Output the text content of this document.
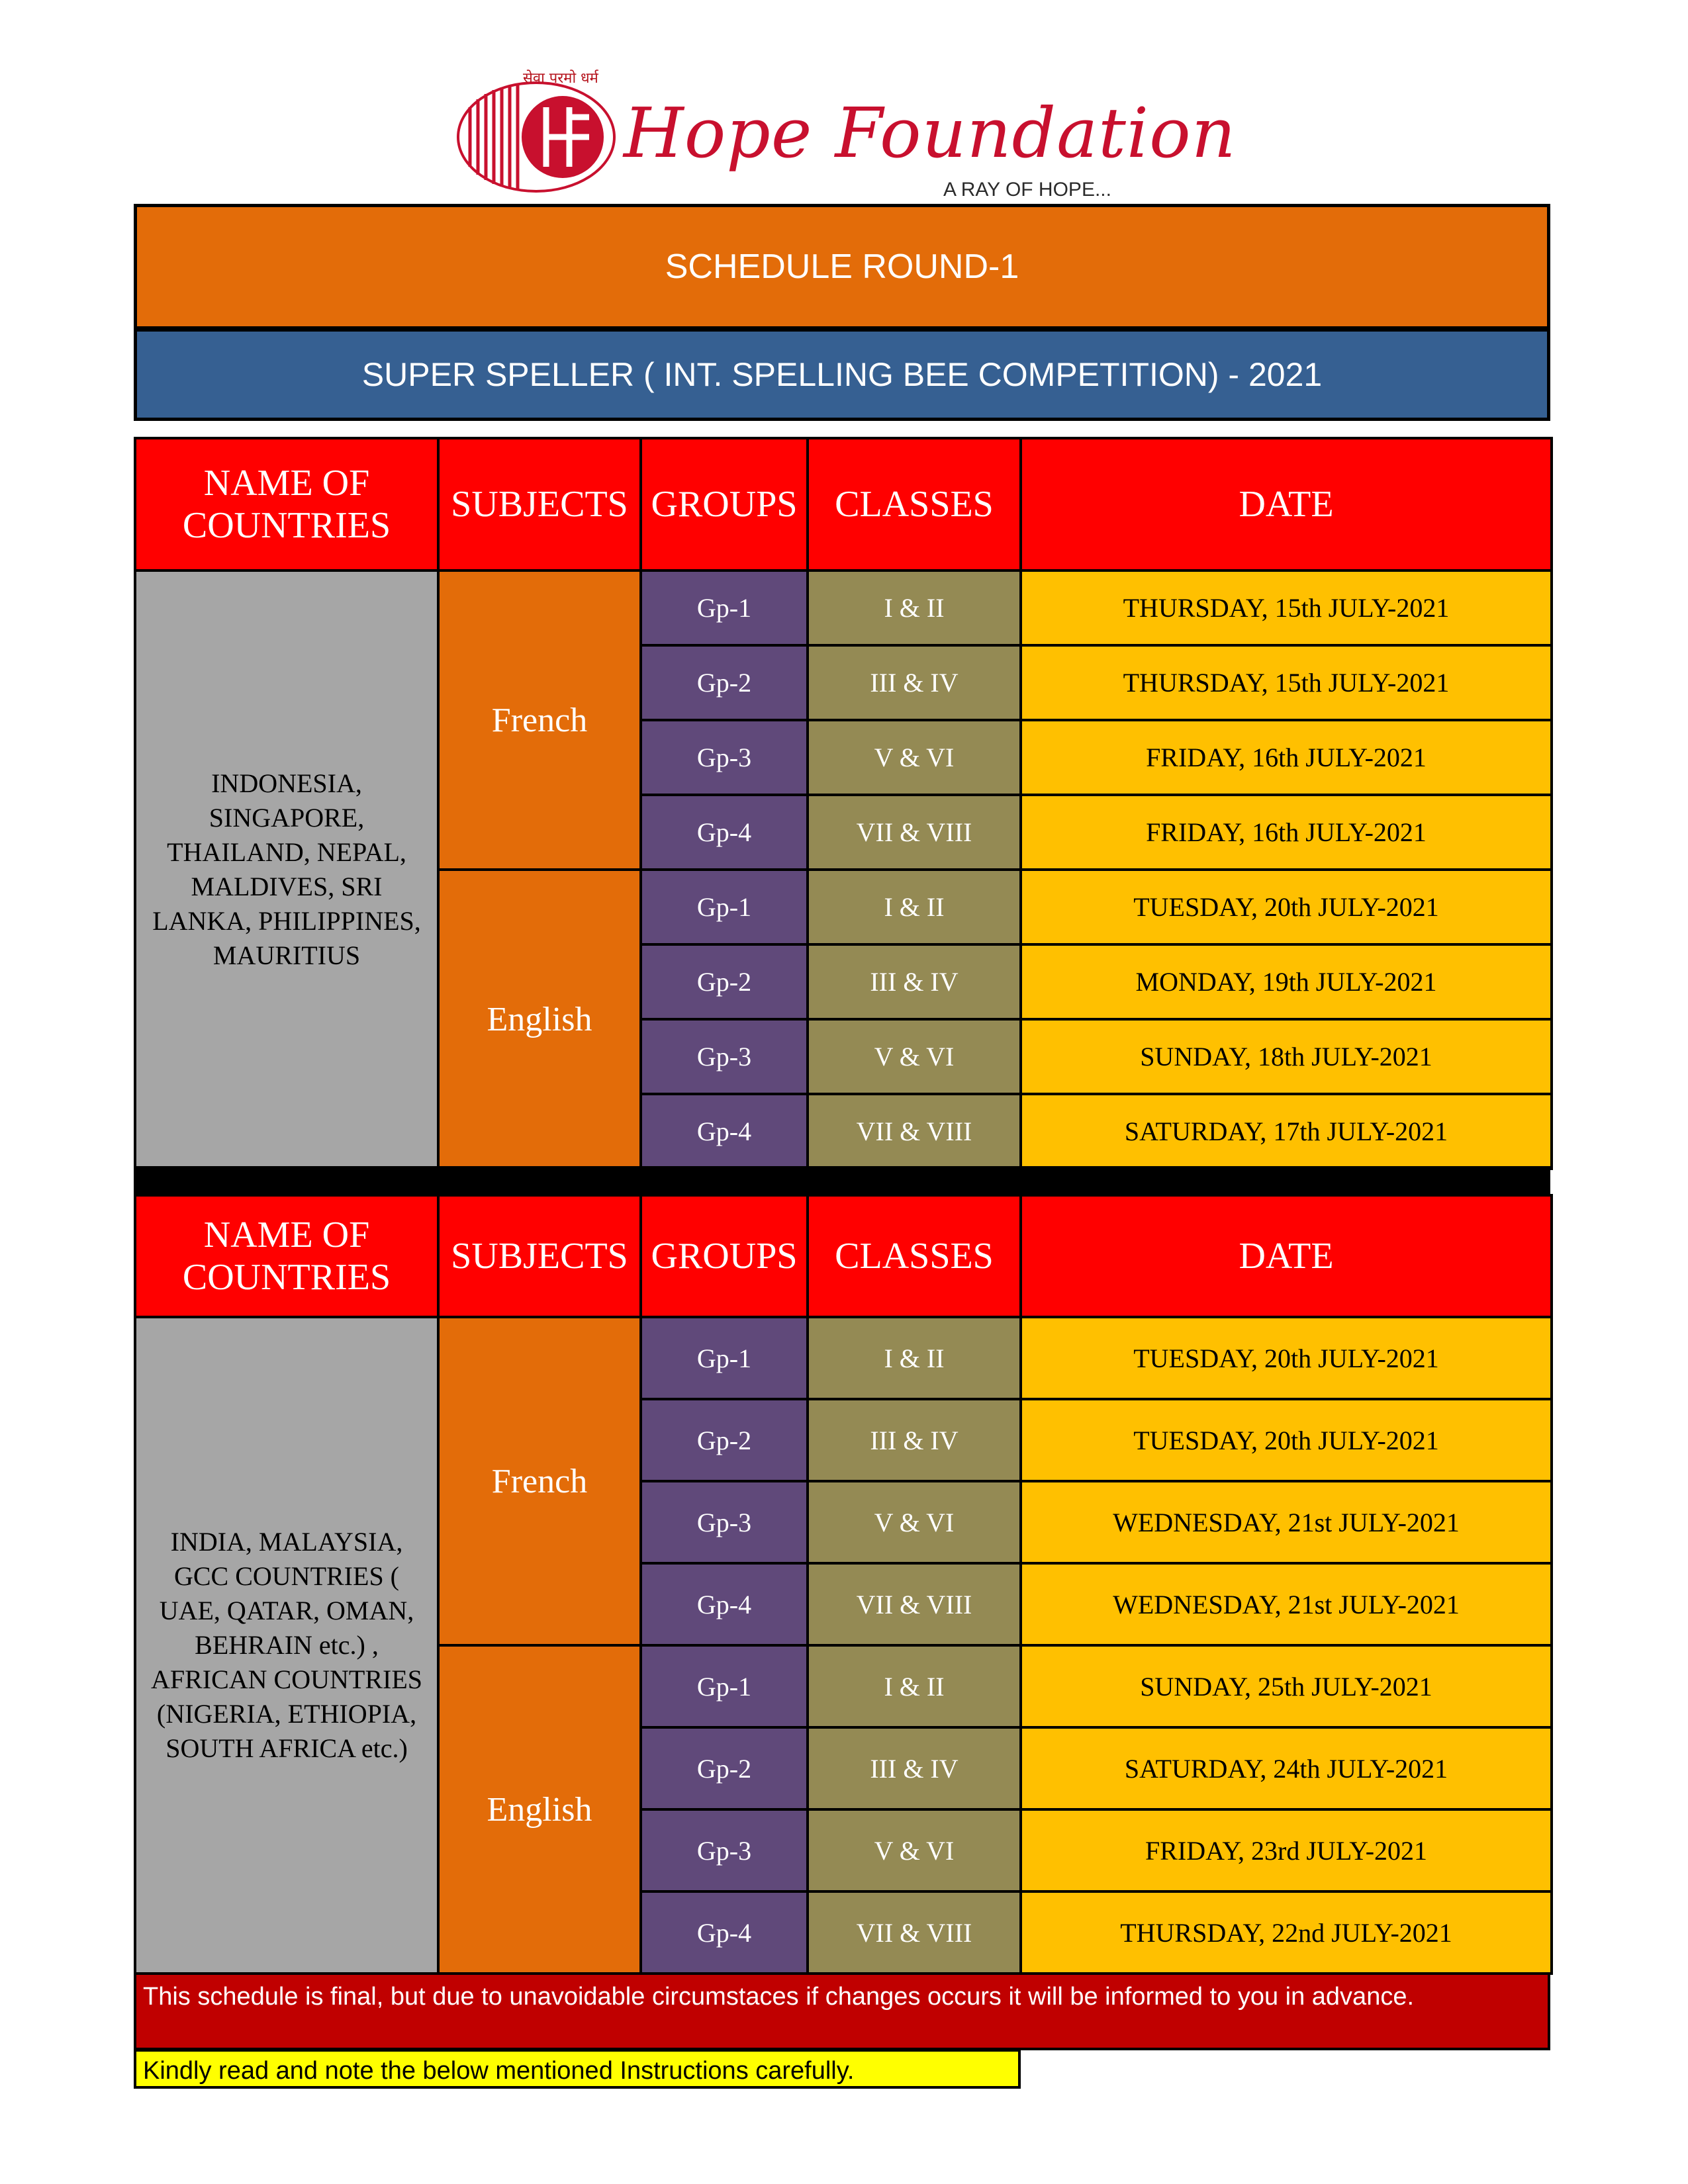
सेवा परमो धर्म
Hope Foundation
A RAY OF HOPE...
SCHEDULE ROUND-1
SUPER SPELLER ( INT. SPELLING BEE COMPETITION) - 2021
NAME OF COUNTRIES	SUBJECTS	GROUPS	CLASSES	DATE
INDONESIA, SINGAPORE, THAILAND, NEPAL, MALDIVES, SRI LANKA, PHILIPPINES, MAURITIUS	French	Gp-1	I & II	THURSDAY, 15th JULY-2021
		Gp-2	III & IV	THURSDAY, 15th JULY-2021
		Gp-3	V & VI	FRIDAY, 16th JULY-2021
		Gp-4	VII & VIII	FRIDAY, 16th JULY-2021
	English	Gp-1	I & II	TUESDAY, 20th JULY-2021
		Gp-2	III & IV	MONDAY, 19th JULY-2021
		Gp-3	V & VI	SUNDAY, 18th JULY-2021
		Gp-4	VII & VIII	SATURDAY, 17th JULY-2021
NAME OF COUNTRIES	SUBJECTS	GROUPS	CLASSES	DATE
INDIA, MALAYSIA, GCC COUNTRIES ( UAE, QATAR, OMAN, BEHRAIN etc.) , AFRICAN COUNTRIES (NIGERIA, ETHIOPIA, SOUTH AFRICA etc.)	French	Gp-1	I & II	TUESDAY, 20th JULY-2021
		Gp-2	III & IV	TUESDAY, 20th JULY-2021
		Gp-3	V & VI	WEDNESDAY, 21st JULY-2021
		Gp-4	VII & VIII	WEDNESDAY, 21st JULY-2021
	English	Gp-1	I & II	SUNDAY, 25th JULY-2021
		Gp-2	III & IV	SATURDAY, 24th JULY-2021
		Gp-3	V & VI	FRIDAY, 23rd JULY-2021
		Gp-4	VII & VIII	THURSDAY, 22nd JULY-2021
This schedule is final, but due to unavoidable circumstaces if changes occurs it will be informed to you in advance.
Kindly read and note the below mentioned Instructions carefully.
